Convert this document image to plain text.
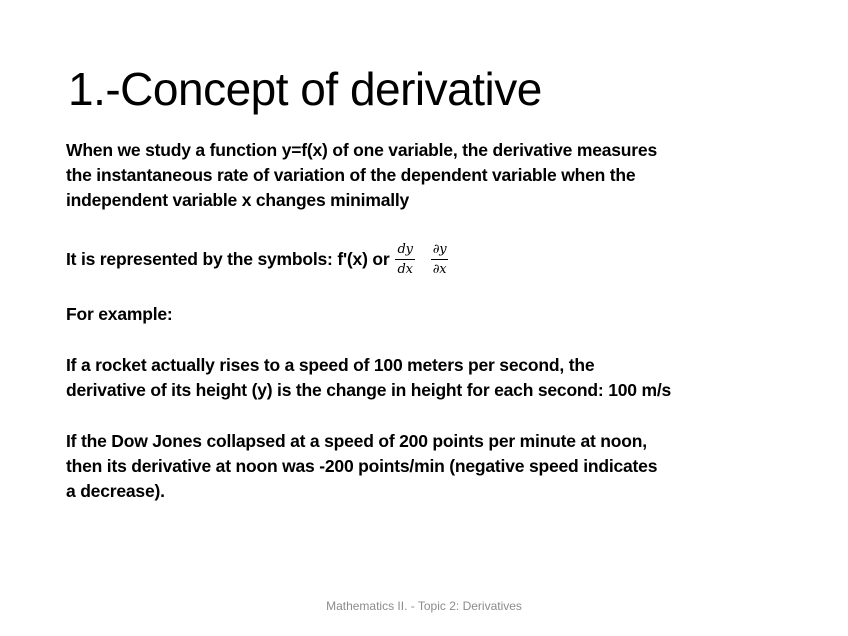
1.-Concept of derivative
When we study a function y=f(x) of one variable, the derivative measures
the instantaneous rate of variation of the dependent variable when the
independent variable x changes minimally
It is represented by the symbols: f'(x) or $\frac{dy}{dx} \frac{\partial y}{\partial x}$
For example:
If a rocket actually rises to a speed of 100 meters per second, the
derivative of its height (y) is the change in height for each second: 100 m/s
If the Dow Jones collapsed at a speed of 200 points per minute at noon,
then its derivative at noon was -200 points/min (negative speed indicates
a decrease).
Mathematics II. - Topic 2: Derivatives
